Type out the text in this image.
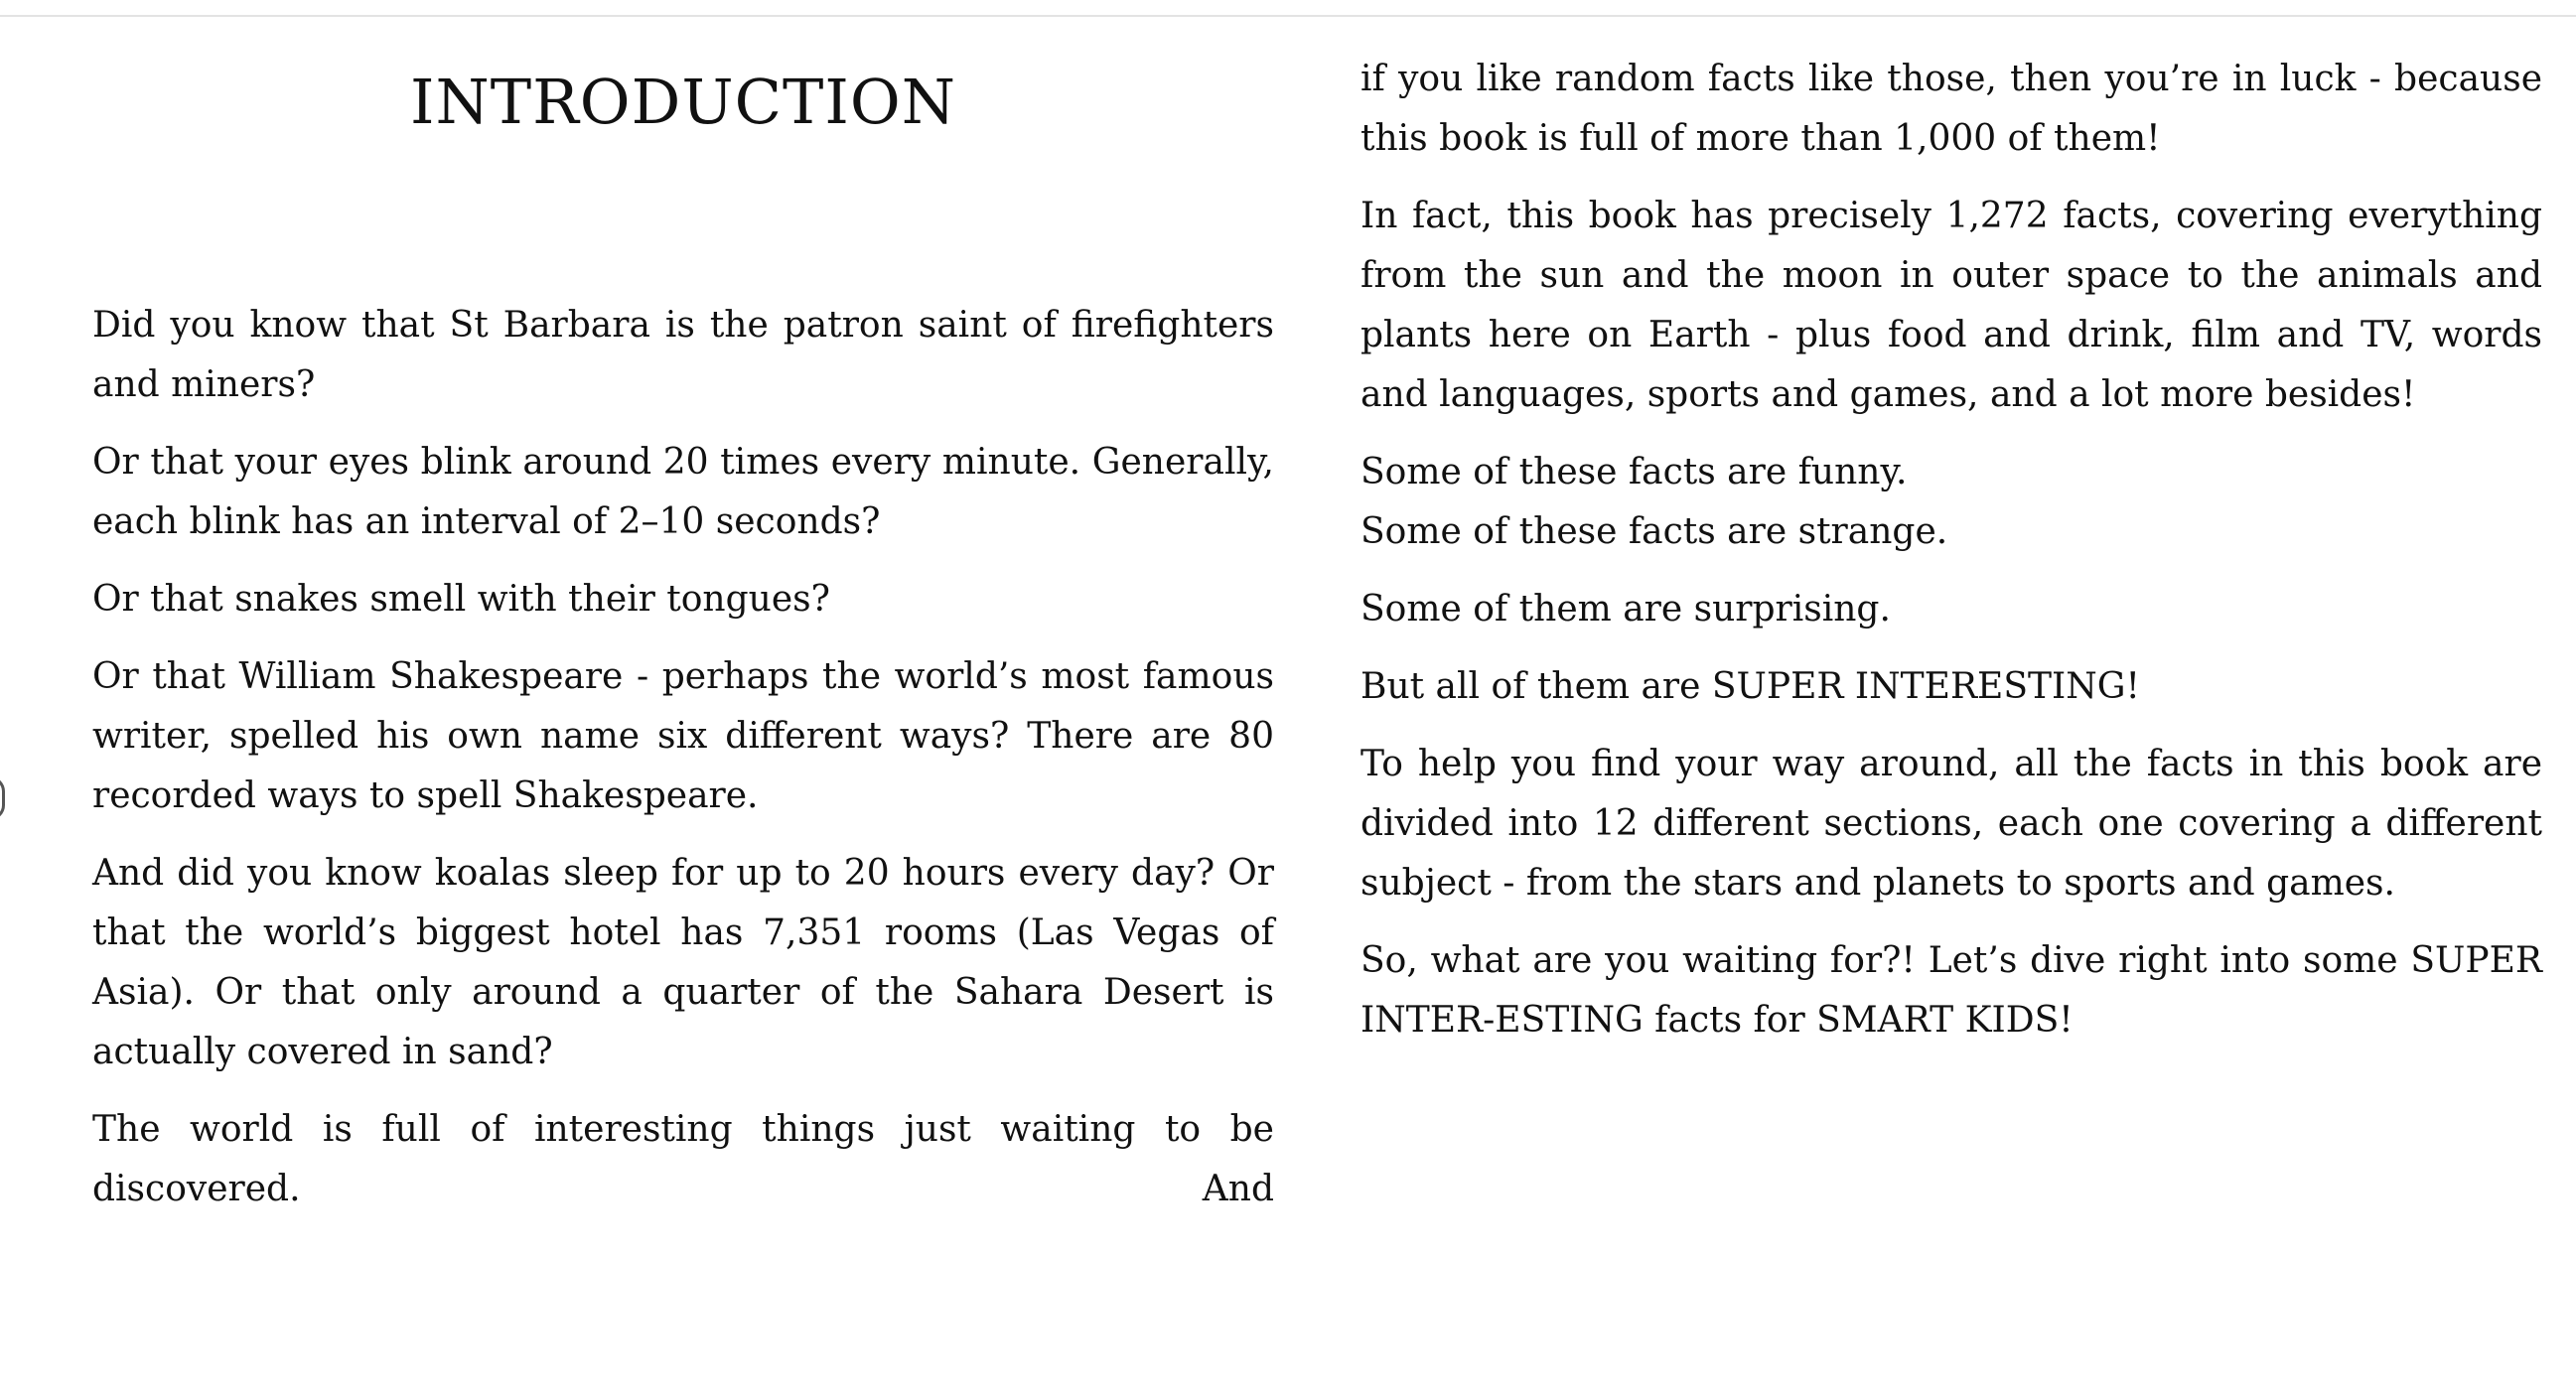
INTRODUCTION

Did you know that St Barbara is the patron saint of firefighters and miners?

Or that your eyes blink around 20 times every minute. Generally, each blink has an interval of 2–10 seconds?

Or that snakes smell with their tongues?

Or that William Shakespeare - perhaps the world’s most famous writer, spelled his own name six different ways? There are 80 recorded ways to spell Shakespeare.

And did you know koalas sleep for up to 20 hours every day? Or that the world’s biggest hotel has 7,351 rooms (Las Vegas of Asia). Or that only around a quarter of the Sahara Desert is actually covered in sand?

The world is full of interesting things just waiting to be discovered. And

if you like random facts like those, then you’re in luck - because this book is full of more than 1,000 of them!

In fact, this book has precisely 1,272 facts, covering everything from the sun and the moon in outer space to the animals and plants here on Earth - plus food and drink, film and TV, words and languages, sports and games, and a lot more besides!

Some of these facts are funny.

Some of these facts are strange.

Some of them are surprising.

But all of them are SUPER INTERESTING!

To help you find your way around, all the facts in this book are divided into 12 different sections, each one covering a different subject - from the stars and planets to sports and games.

So, what are you waiting for?! Let’s dive right into some SUPER INTER-ESTING facts for SMART KIDS!
